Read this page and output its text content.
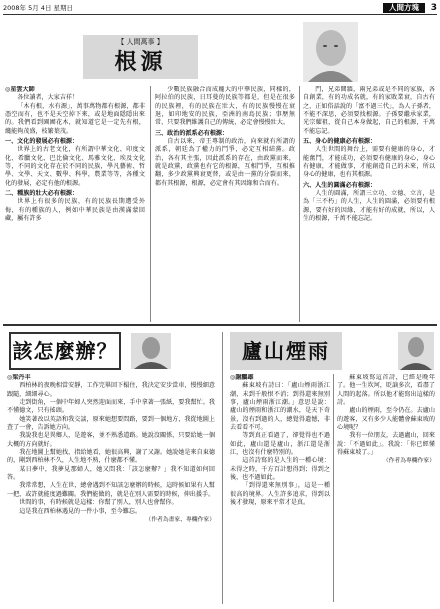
2008年 5月 4日 星期日	人間方塊	3
【 人間萬事 】
根源

◎星雲大師

各位讀者，大家吉祥！

「木有根，水有源」，萬事萬物都有根源，都非憑空而有，也不是天空掉下來，或是地面隱隱出來的。我們看到園圃花木，就知道它是一定先有根，纔能夠茂盛，枝繁葉茂。

一、文化的發展必有根源：

世界上的古老文化，有所謂中華文化、印度文化、希臘文化、巴比倫文化、馬雅文化、埃及文化等，不同的文化存在於不同的民族，學凡藝術、哲學、文學、天文、數學、科學，農業等等，各種文化的發展，必定有他的根源。

二、種族的壯大必有根源：

世界上有很多的民族，有的民族長期遭受外侮，有的種族的人，例如中華民族是由漢滿蒙回藏，屬有許多

少數民族融合而成龐大的中華民族，同樣的，阿拉伯的民族，日耳曼的民族等都是，但是在很多的民族裡，有的民族在壯大，有的民族慢慢在衰退，如印地安的民族，亞洲的南島民族；事歷無常，只要我們維護自己的傳統，必定會慢慢壯大。

三、政治的派系必有根源：

自古以來，帝王專制的政治，向來就有所謂的派系，朝廷為了權力的鬥爭，必定互相結黨。政治，各有其主張，因此派系的存在，由政黨而來，就是政黨，政黨也有它的根源，互相鬥爭，互相推翻，多少政黨興衰更替，或是由一黨的分裂而來，都有其根源，根源，必定會有其因緣和合而有。

門，兄弟鬩牆，兩兄弟或是不同的家族，各自創業，有的功成名就，有的家敗業衰，自古有之，正如俗話說的「富不過三代」，為人子孫者，不能不深思，必須要找根源。子孫要繼承家業，光宗耀祖，從自己本身做起，自己的根源，千萬不能忘記。

五、身心的健康必有根源：

人生世間的舞台上，需要有健康的身心，才能奮鬥，才能成功，必須要有健康的身心，身心有健康，才能做事，才能創造自己的未來，所以身心的健康，也有其根源。

六、人生的圓滿必有根源：

人生的圓滿，所謂三立功、立德、立言，是為「三不朽」的人生，人生的圓滿，必須要有根源，要有好的因緣，才能有好的成就，所以，人生的根源，千萬不能忘記。

該怎麼辦？

◎梁丹丰

西柏林的夜晚相當安靜，工作完畢回下榻住，我決定安步當車，慢慢細意跟隨，細細尋心。

走到街角，一個中年婦人突然迎面而來，手中拿著一張紙，要我幫忙。我不懂德文，只有搖頭。

她笑著改以英語和我交談，原來她想要問路，要到一個地方，我從地圖上查了一會，告訴她方向。

我說我也是異鄉人，是遊客，並不熟悉道路。她說沒關係，只要給她一個大概的方向就好。

我在地圖上幫她找，指給她看，她很高興，謝了又謝。她說她是來自東德的，剛到西柏林不久，人生地不熟，什麼都不懂。

某日夢中，我夢見那婦人，她又問我：「該怎麼辦？」我不知道如何回答。

我常常想，人生在世，總會遇到不知該怎麼辦的時候，這時候如果有人幫一把，或許就能度過難關。我們能做的，就是在別人需要的時候，伸出援手。

世間的事，有時候就是這樣：你幫了別人，別人也會幫你。

這是我在西柏林遇見的一件小事，至今難忘。

（作者為畫家、專欄作家）

廬山煙雨

◎謝鵬雄

蘇東坡有詩曰：「廬山煙雨浙江潮，未到千般恨不消；到得還來無別事，廬山煙雨浙江潮。」意思是說：廬山的煙雨和浙江的潮水，是天下奇景，沒有到過的人，總覺得遺憾，非去看看不可。

等到真正看過了，卻覺得也不過如此，廬山還是廬山，浙江還是浙江，也沒有什麼特別的。

這首詩寫的是人生的一種心境：未得之時，千方百計想得到；得到之後，也不過如此。

「到得還來無別事」，這是一種很高的境界。人生許多追求，得到以後才發現，原來平常才是真。

蘇東坡寫這首詩，已經是晚年了。他一生坎坷，貶謫多次，看盡了人間的起落。所以他才能寫出這樣的詩。

廬山的煙雨，至今仍在。去廬山的遊客，又有多少人能體會蘇東坡的心境呢？

我有一位朋友，去過廬山，回來說：「不過如此」。我說：「你已經懂得蘇東坡了。」

（作者為專欄作家）
